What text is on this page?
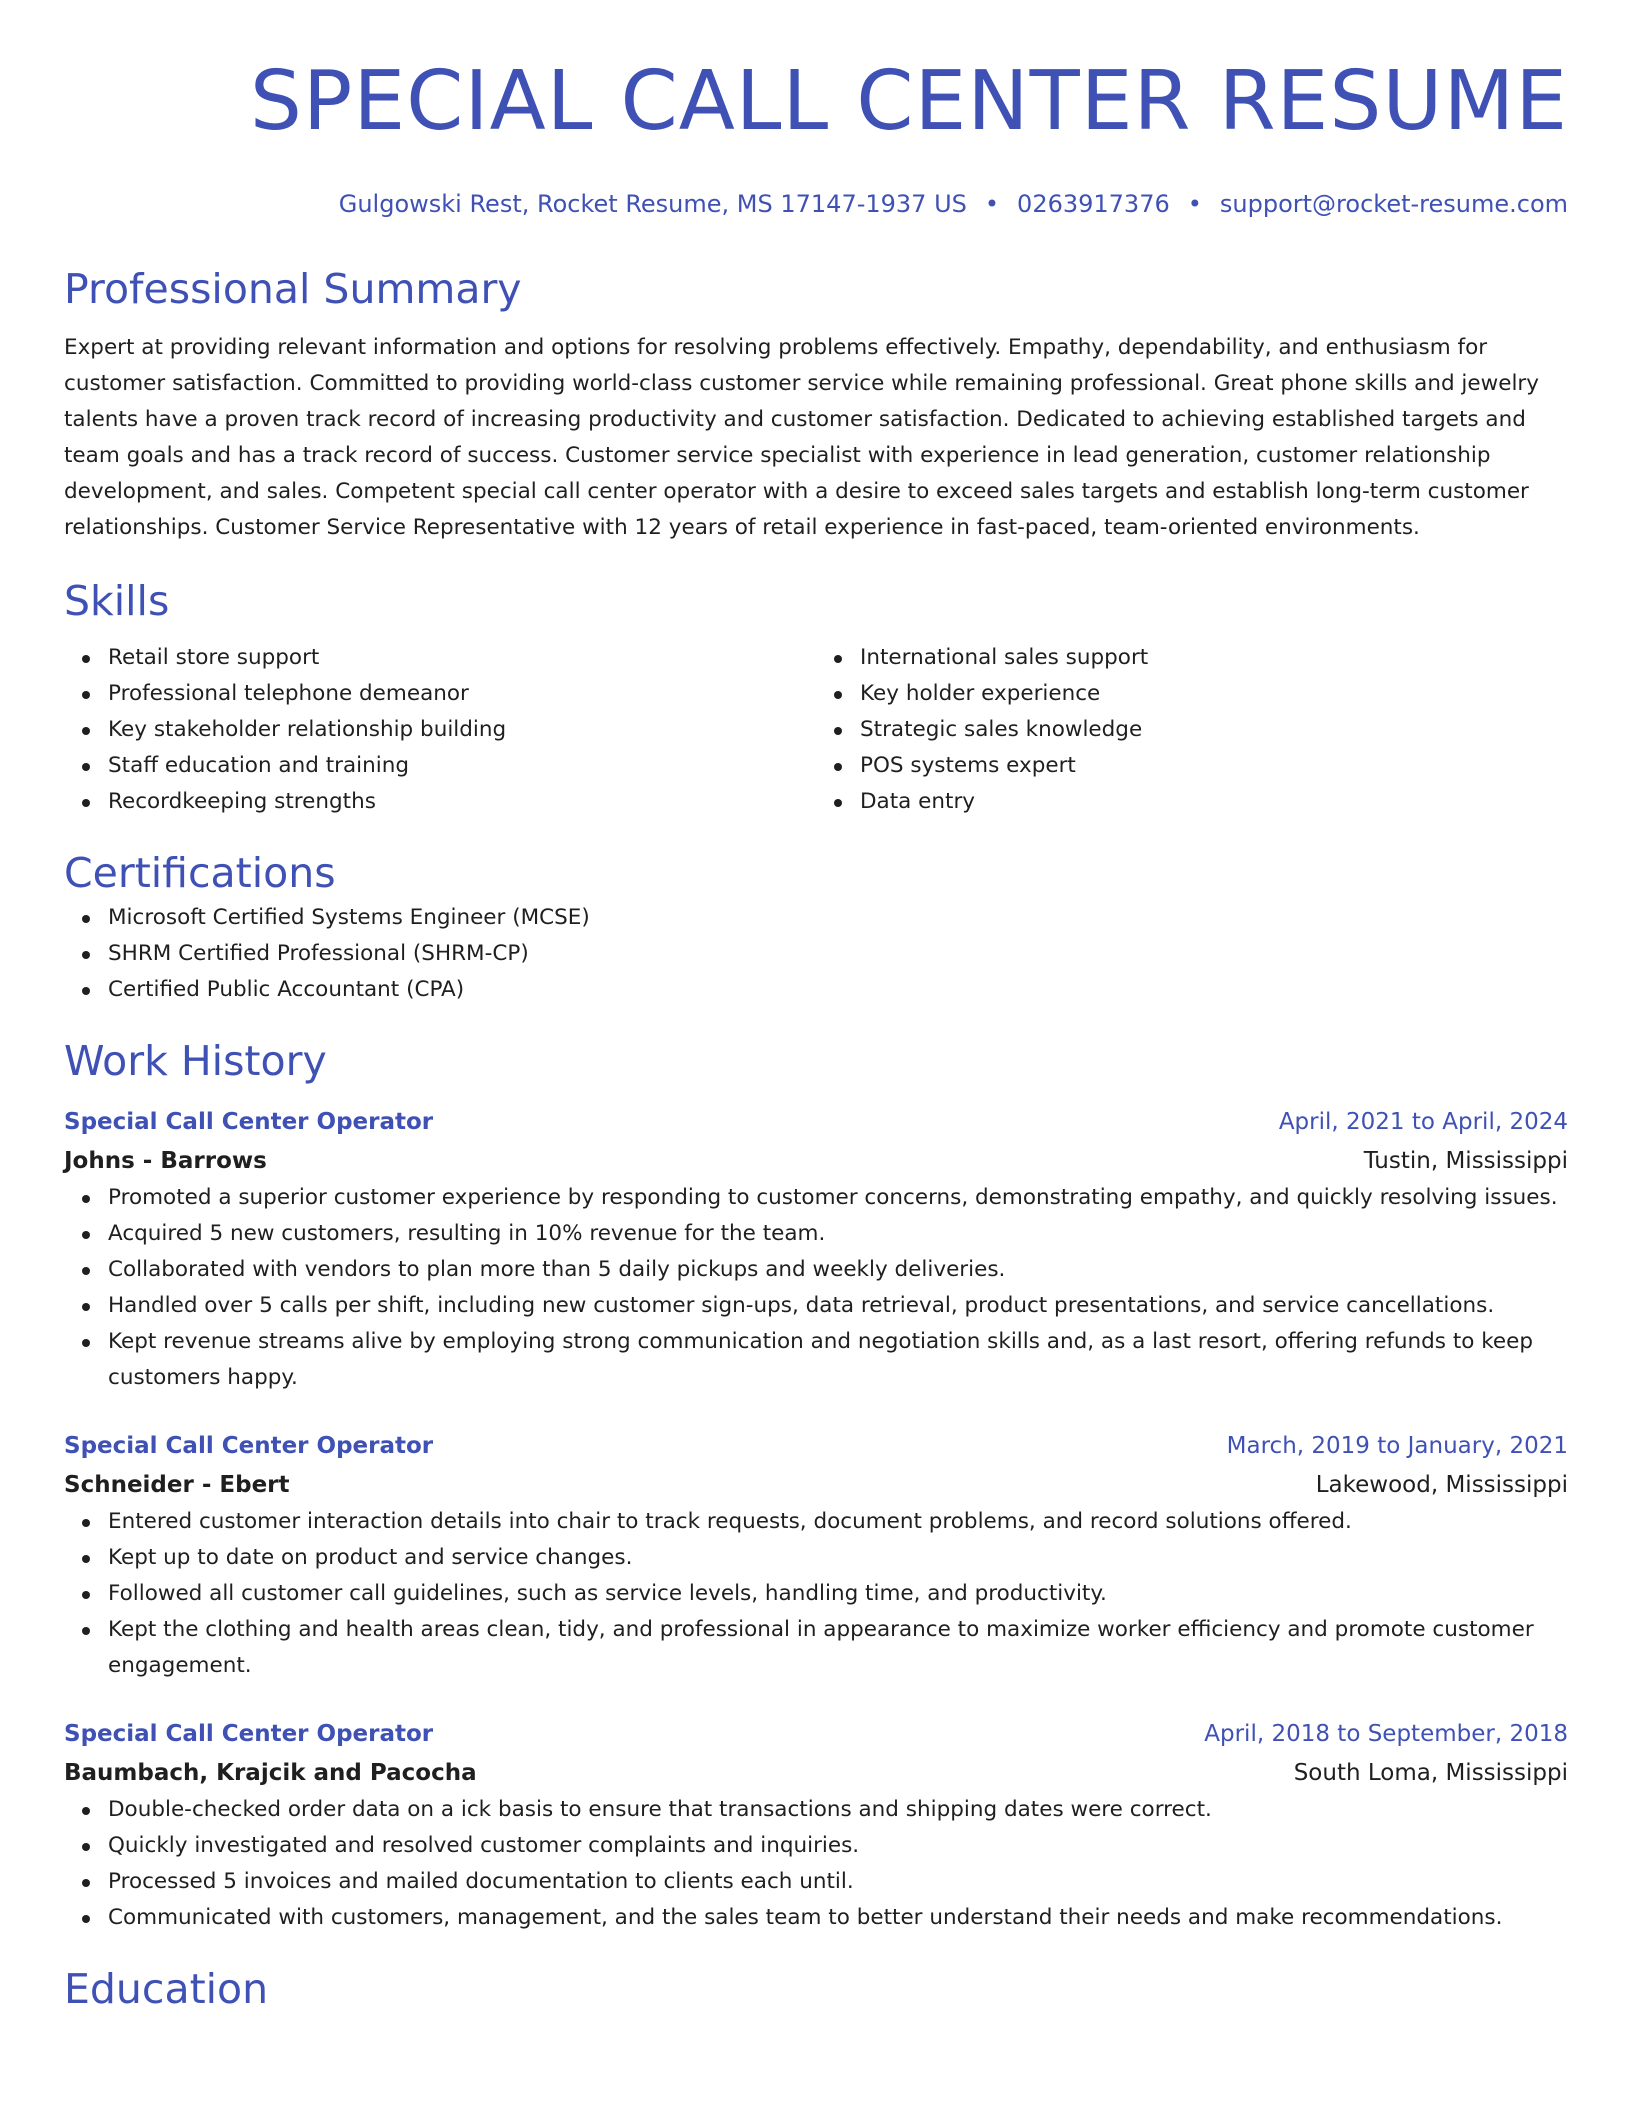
SPECIAL CALL CENTER RESUME
Gulgowski Rest, Rocket Resume, MS 17147-1937 US • 0263917376 • support@rocket-resume.com
Professional Summary

Expert at providing relevant information and options for resolving problems effectively. Empathy, dependability, and enthusiasm for customer satisfaction. Committed to providing world-class customer service while remaining professional. Great phone skills and jewelry talents have a proven track record of increasing productivity and customer satisfaction. Dedicated to achieving established targets and team goals and has a track record of success. Customer service specialist with experience in lead generation, customer relationship development, and sales. Competent special call center operator with a desire to exceed sales targets and establish long-term customer relationships. Customer Service Representative with 12 years of retail experience in fast-paced, team-oriented environments.

Skills
Retail store support
Professional telephone demeanor
Key stakeholder relationship building
Staff education and training
Recordkeeping strengths
International sales support
Key holder experience
Strategic sales knowledge
POS systems expert
Data entry
Certifications
Microsoft Certified Systems Engineer (MCSE)
SHRM Certified Professional (SHRM-CP)
Certified Public Accountant (CPA)
Work History
Special Call Center Operator	April, 2021 to April, 2024
Johns - Barrows	Tustin, Mississippi
Promoted a superior customer experience by responding to customer concerns, demonstrating empathy, and quickly resolving issues.
Acquired 5 new customers, resulting in 10% revenue for the team.
Collaborated with vendors to plan more than 5 daily pickups and weekly deliveries.
Handled over 5 calls per shift, including new customer sign-ups, data retrieval, product presentations, and service cancellations.
Kept revenue streams alive by employing strong communication and negotiation skills and, as a last resort, offering refunds to keep customers happy.
Special Call Center Operator	March, 2019 to January, 2021
Schneider - Ebert	Lakewood, Mississippi
Entered customer interaction details into chair to track requests, document problems, and record solutions offered.
Kept up to date on product and service changes.
Followed all customer call guidelines, such as service levels, handling time, and productivity.
Kept the clothing and health areas clean, tidy, and professional in appearance to maximize worker efficiency and promote customer engagement.
Special Call Center Operator	April, 2018 to September, 2018
Baumbach, Krajcik and Pacocha	South Loma, Mississippi
Double-checked order data on a ick basis to ensure that transactions and shipping dates were correct.
Quickly investigated and resolved customer complaints and inquiries.
Processed 5 invoices and mailed documentation to clients each until.
Communicated with customers, management, and the sales team to better understand their needs and make recommendations.
Education
